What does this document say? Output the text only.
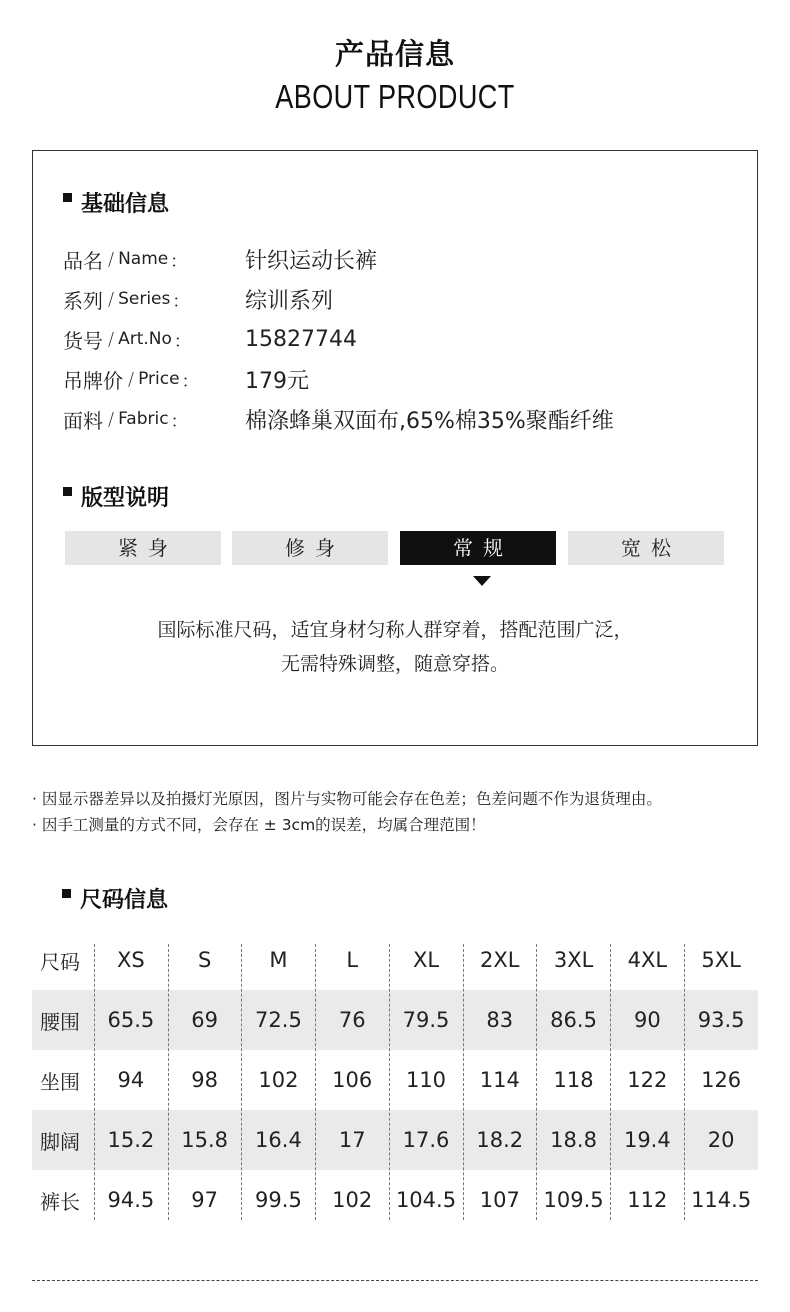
产品信息
ABOUT PRODUCT
基础信息
品名 / Name ：	针织运动长裤
系列 / Series ：	综训系列
货号 / Art.No ： 15827744
吊牌价 / Price ： 179元
面料 / Fabric ：	棉涤蜂巢双面布,65%棉35%聚酯纤维
版型说明
紧身	修身	常规	宽松
国际标准尺码，适宜身材匀称人群穿着，搭配范围广泛，
无需特殊调整，随意穿搭。
· 因显示器差异以及拍摄灯光原因，图片与实物可能会存在色差；色差问题不作为退货理由。
· 因手工测量的方式不同，会存在 ± 3cm的误差，均属合理范围！
尺码信息
尺码	XS	S	M	L	XL	2XL	3XL	4XL	5XL
腰围	65.5	69	72.5	76	79.5	83	86.5	90	93.5
坐围	94	98	102	106	110	114	118	122	126
脚阔	15.2	15.8	16.4	17	17.6	18.2	18.8	19.4	20
裤长	94.5	97	99.5	102	104.5	107	109.5	112	114.5
